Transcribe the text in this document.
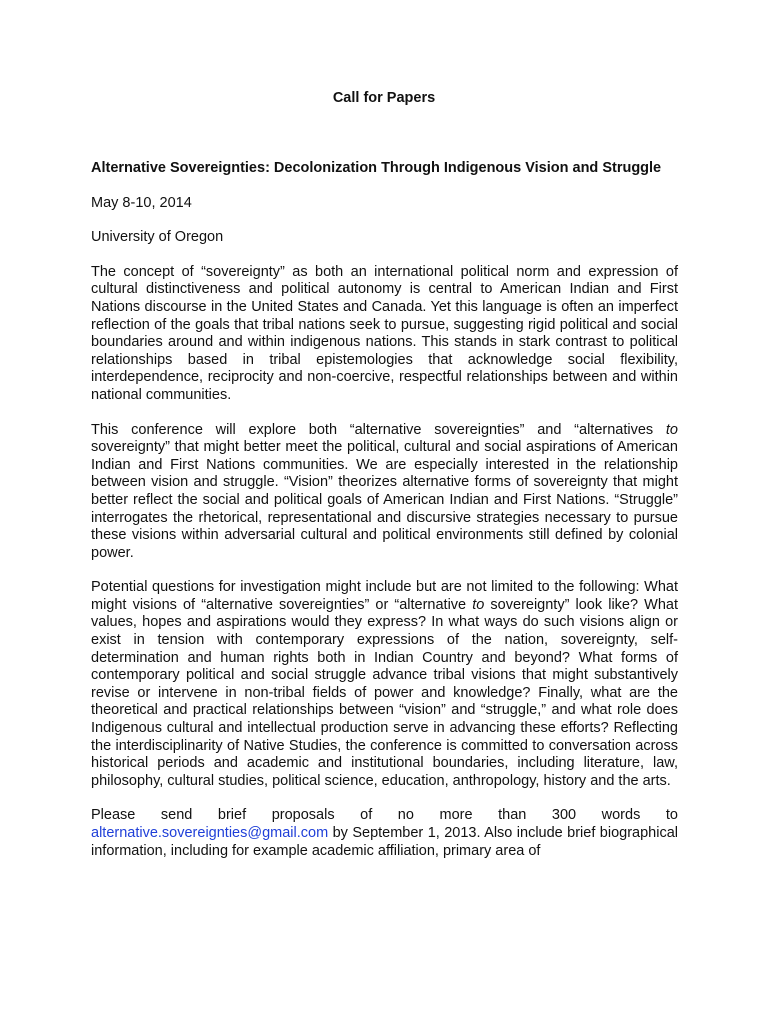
Call for Papers

Alternative Sovereignties: Decolonization Through Indigenous Vision and Struggle

May 8-10, 2014

University of Oregon

The concept of “sovereignty” as both an international political norm and expression of cultural distinctiveness and political autonomy is central to American Indian and First Nations discourse in the United States and Canada. Yet this language is often an imperfect reflection of the goals that tribal nations seek to pursue, suggesting rigid political and social boundaries around and within indigenous nations. This stands in stark contrast to political relationships based in tribal epistemologies that acknowledge social flexibility, interdependence, reciprocity and non-coercive, respectful relationships between and within national communities.

This conference will explore both “alternative sovereignties” and “alternatives to sovereignty” that might better meet the political, cultural and social aspirations of American Indian and First Nations communities. We are especially interested in the relationship between vision and struggle. “Vision” theorizes alternative forms of sovereignty that might better reflect the social and political goals of American Indian and First Nations. “Struggle” interrogates the rhetorical, representational and discursive strategies necessary to pursue these visions within adversarial cultural and political environments still defined by colonial power.

Potential questions for investigation might include but are not limited to the following: What might visions of “alternative sovereignties” or “alternative to sovereignty” look like? What values, hopes and aspirations would they express? In what ways do such visions align or exist in tension with contemporary expressions of the nation, sovereignty, self-determination and human rights both in Indian Country and beyond? What forms of contemporary political and social struggle advance tribal visions that might substantively revise or intervene in non-tribal fields of power and knowledge? Finally, what are the theoretical and practical relationships between “vision” and “struggle,” and what role does Indigenous cultural and intellectual production serve in advancing these efforts? Reflecting the interdisciplinarity of Native Studies, the conference is committed to conversation across historical periods and academic and institutional boundaries, including literature, law, philosophy, cultural studies, political science, education, anthropology, history and the arts.

Please send brief proposals of no more than 300 words to alternative.sovereignties@gmail.com by September 1, 2013. Also include brief biographical information, including for example academic affiliation, primary area of
